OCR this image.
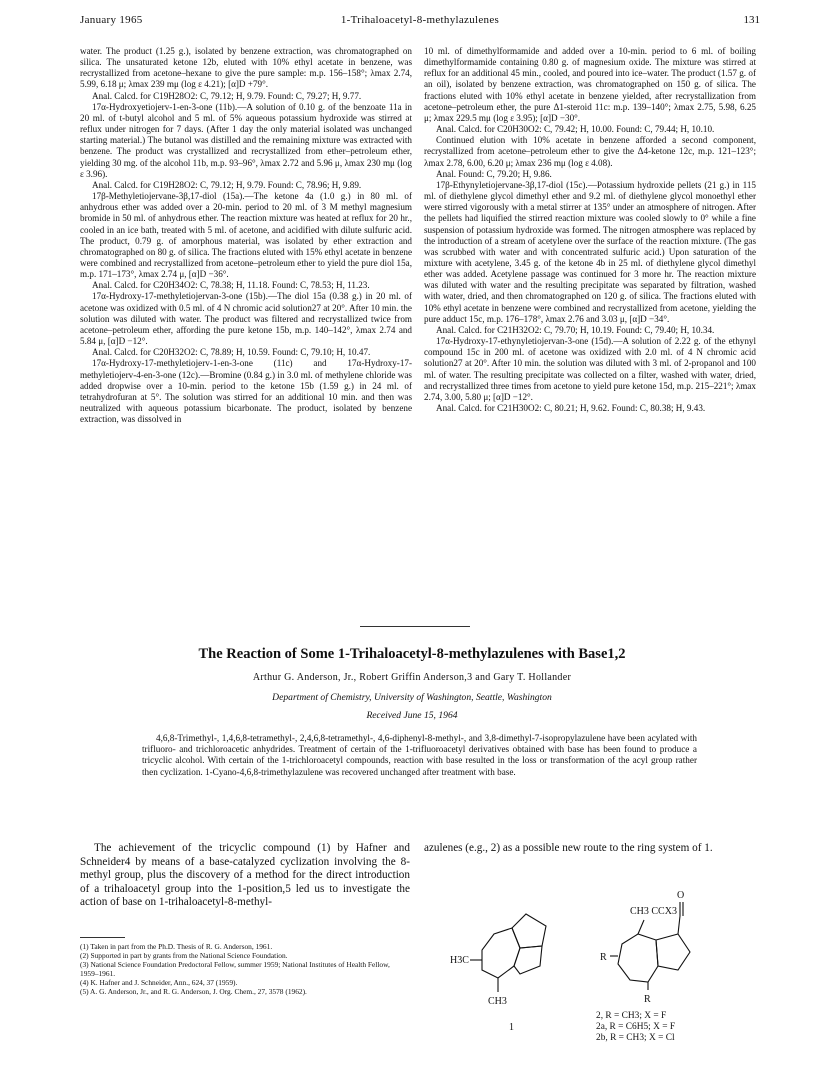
January 1965	1-Trihaloacetyl-8-methylazulenes	131

water. The product (1.25 g.), isolated by benzene extraction, was chromatographed on silica. The unsaturated ketone 12b, eluted with 10% ethyl acetate in benzene, was recrystallized from acetone–hexane to give the pure sample: m.p. 156–158°; λmax 2.74, 5.99, 6.18 μ; λmax 239 mμ (log ε 4.21); [α]D +79°.

Anal. Calcd. for C19H28O2: C, 79.12; H, 9.79. Found: C, 79.27; H, 9.77.

17α-Hydroxyetiojerv-1-en-3-one (11b).—A solution of 0.10 g. of the benzoate 11a in 20 ml. of t-butyl alcohol and 5 ml. of 5% aqueous potassium hydroxide was stirred at reflux under nitrogen for 7 days. (After 1 day the only material isolated was unchanged starting material.) The butanol was distilled and the remaining mixture was extracted with benzene. The product was crystallized and recrystallized from ether–petroleum ether, yielding 30 mg. of the alcohol 11b, m.p. 93–96°, λmax 2.72 and 5.96 μ, λmax 230 mμ (log ε 3.96).

Anal. Calcd. for C19H28O2: C, 79.12; H, 9.79. Found: C, 78.96; H, 9.89.

17β-Methyletiojervane-3β,17-diol (15a).—The ketone 4a (1.0 g.) in 80 ml. of anhydrous ether was added over a 20-min. period to 20 ml. of 3 M methyl magnesium bromide in 50 ml. of anhydrous ether. The reaction mixture was heated at reflux for 20 hr., cooled in an ice bath, treated with 5 ml. of acetone, and acidified with dilute sulfuric acid. The product, 0.79 g. of amorphous material, was isolated by ether extraction and chromatographed on 80 g. of silica. The fractions eluted with 15% ethyl acetate in benzene were combined and recrystallized from acetone–petroleum ether to yield the pure diol 15a, m.p. 171–173°, λmax 2.74 μ, [α]D −36°.

Anal. Calcd. for C20H34O2: C, 78.38; H, 11.18. Found: C, 78.53; H, 11.23.

17α-Hydroxy-17-methyletiojervan-3-one (15b).—The diol 15a (0.38 g.) in 20 ml. of acetone was oxidized with 0.5 ml. of 4 N chromic acid solution27 at 20°. After 10 min. the solution was diluted with water. The product was filtered and recrystallized twice from acetone–petroleum ether, affording the pure ketone 15b, m.p. 140–142°, λmax 2.74 and 5.84 μ, [α]D −12°.

Anal. Calcd. for C20H32O2: C, 78.89; H, 10.59. Found: C, 79.10; H, 10.47.

17α-Hydroxy-17-methyletiojerv-1-en-3-one (11c) and 17α-Hydroxy-17-methyletiojerv-4-en-3-one (12c).—Bromine (0.84 g.) in 3.0 ml. of methylene chloride was added dropwise over a 10-min. period to the ketone 15b (1.59 g.) in 24 ml. of tetrahydrofuran at 5°. The solution was stirred for an additional 10 min. and then was neutralized with aqueous potassium bicarbonate. The product, isolated by benzene extraction, was dissolved in

10 ml. of dimethylformamide and added over a 10-min. period to 6 ml. of boiling dimethylformamide containing 0.80 g. of magnesium oxide. The mixture was stirred at reflux for an additional 45 min., cooled, and poured into ice–water. The product (1.57 g. of an oil), isolated by benzene extraction, was chromatographed on 150 g. of silica. The fractions eluted with 10% ethyl acetate in benzene yielded, after recrystallization from acetone–petroleum ether, the pure Δ1-steroid 11c: m.p. 139–140°; λmax 2.75, 5.98, 6.25 μ; λmax 229.5 mμ (log ε 3.95); [α]D −30°.

Anal. Calcd. for C20H30O2: C, 79.42; H, 10.00. Found: C, 79.44; H, 10.10.

Continued elution with 10% acetate in benzene afforded a second component, recrystallized from acetone–petroleum ether to give the Δ4-ketone 12c, m.p. 121–123°; λmax 2.78, 6.00, 6.20 μ; λmax 236 mμ (log ε 4.08).

Anal. Found: C, 79.20; H, 9.86.

17β-Ethynyletiojervane-3β,17-diol (15c).—Potassium hydroxide pellets (21 g.) in 115 ml. of diethylene glycol dimethyl ether and 9.2 ml. of diethylene glycol monoethyl ether were stirred vigorously with a metal stirrer at 135° under an atmosphere of nitrogen. After the pellets had liquified the stirred reaction mixture was cooled slowly to 0° while a fine suspension of potassium hydroxide was formed. The nitrogen atmosphere was replaced by the introduction of a stream of acetylene over the surface of the reaction mixture. (The gas was scrubbed with water and with concentrated sulfuric acid.) Upon saturation of the mixture with acetylene, 3.45 g. of the ketone 4b in 25 ml. of diethylene glycol dimethyl ether was added. Acetylene passage was continued for 3 more hr. The reaction mixture was diluted with water and the resulting precipitate was separated by filtration, washed with water, dried, and then chromatographed on 120 g. of silica. The fractions eluted with 10% ethyl acetate in benzene were combined and recrystallized from acetone, yielding the pure adduct 15c, m.p. 176–178°, λmax 2.76 and 3.03 μ, [α]D −34°.

Anal. Calcd. for C21H32O2: C, 79.70; H, 10.19. Found: C, 79.40; H, 10.34.

17α-Hydroxy-17-ethynyletiojervan-3-one (15d).—A solution of 2.22 g. of the ethynyl compound 15c in 200 ml. of acetone was oxidized with 2.0 ml. of 4 N chromic acid solution27 at 20°. After 10 min. the solution was diluted with 3 ml. of 2-propanol and 100 ml. of water. The resulting precipitate was collected on a filter, washed with water, dried, and recrystallized three times from acetone to yield pure ketone 15d, m.p. 215–221°; λmax 2.74, 3.00, 5.80 μ; [α]D −12°.

Anal. Calcd. for C21H30O2: C, 80.21; H, 9.62. Found: C, 80.38; H, 9.43.

The Reaction of Some 1-Trihaloacetyl-8-methylazulenes with Base1,2
Arthur G. Anderson, Jr., Robert Griffin Anderson,3 and Gary T. Hollander
Department of Chemistry, University of Washington, Seattle, Washington
Received June 15, 1964
4,6,8-Trimethyl-, 1,4,6,8-tetramethyl-, 2,4,6,8-tetramethyl-, 4,6-diphenyl-8-methyl-, and 3,8-dimethyl-7-isopropylazulene have been acylated with trifluoro- and trichloroacetic anhydrides. Treatment of certain of the 1-trifluoroacetyl derivatives obtained with base has been found to produce a tricyclic alcohol. With certain of the 1-trichloroacetyl compounds, reaction with base resulted in the loss or transformation of the acyl group rather then cyclization. 1-Cyano-4,6,8-trimethylazulene was recovered unchanged after treatment with base.
The achievement of the tricyclic compound (1) by Hafner and Schneider4 by means of a base-catalyzed cyclization involving the 8-methyl group, plus the discovery of a method for the direct introduction of a trihaloacetyl group into the 1-position,5 led us to investigate the action of base on 1-trihaloacetyl-8-methyl-
azulenes (e.g., 2) as a possible new route to the ring system of 1.
(1) Taken in part from the Ph.D. Thesis of R. G. Anderson, 1961.
(2) Supported in part by grants from the National Science Foundation.
(3) National Science Foundation Predoctoral Fellow, summer 1959; National Institutes of Health Fellow, 1959–1961.
(4) K. Hafner and J. Schneider, Ann., 624, 37 (1959).
(5) A. G. Anderson, Jr., and R. G. Anderson, J. Org. Chem., 27, 3578 (1962).
H3C
CH3
1
O
CH3 CCX3
R
R
2, R = CH3; X = F
2a, R = C6H5; X = F
2b, R = CH3; X = Cl
